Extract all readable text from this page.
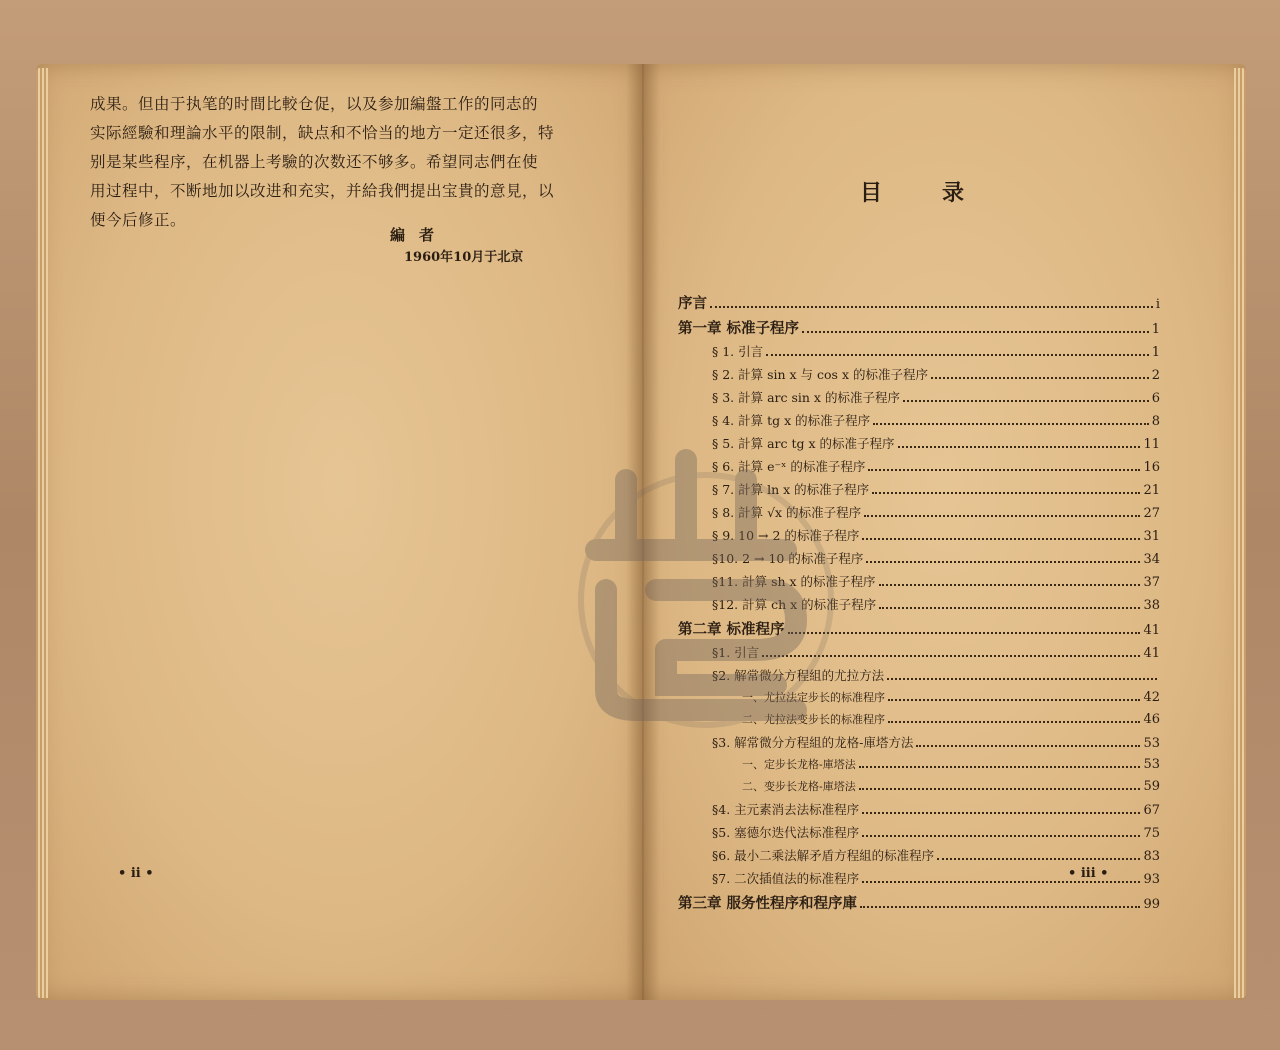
成果。但由于执笔的时間比較仓促，以及参加編盤工作的同志的

实际經驗和理論水平的限制，缺点和不恰当的地方一定还很多，特

别是某些程序，在机器上考驗的次数还不够多。希望同志們在使

用过程中，不断地加以改进和充实，并給我們提出宝貴的意見，以

便今后修正。

編者
1960年10月于北京
• ii •
目录
序言	i
第一章 标准子程序	1
§ 1. 引言	1
§ 2. 計算 sin x 与 cos x 的标准子程序	2
§ 3. 計算 arc sin x 的标准子程序	6
§ 4. 計算 tg x 的标准子程序	8
§ 5. 計算 arc tg x 的标准子程序	11
§ 6. 計算 e⁻ˣ 的标准子程序	16
§ 7. 計算 ln x 的标准子程序	21
§ 8. 計算 √x 的标准子程序	27
§ 9. 10 → 2 的标准子程序	31
§10. 2 → 10 的标准子程序	34
§11. 計算 sh x 的标准子程序	37
§12. 計算 ch x 的标准子程序	38
第二章 标准程序	41
§1. 引言	41
§2. 解常微分方程組的尤拉方法
一、尤拉法定步长的标准程序	42
二、尤拉法变步长的标准程序	46
§3. 解常微分方程組的龙格-庫塔方法	53
一、定步长龙格-庫塔法	53
二、变步长龙格-庫塔法	59
§4. 主元素消去法标准程序	67
§5. 塞德尔迭代法标准程序	75
§6. 最小二乘法解矛盾方程組的标准程序	83
§7. 二次插值法的标准程序	93
第三章 服务性程序和程序庫	99
• iii •
